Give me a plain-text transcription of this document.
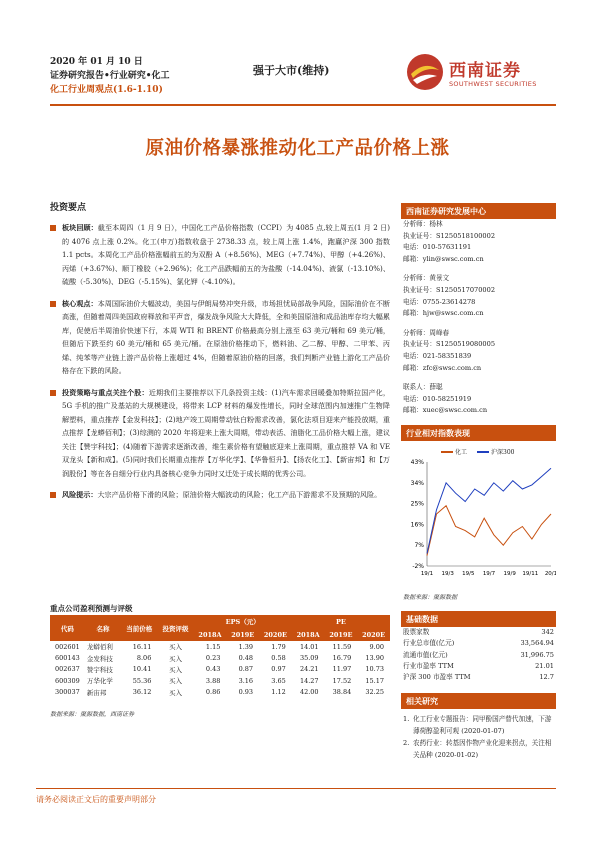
2020 年 01 月 10 日
证券研究报告•行业研究•化工
化工行业周观点(1.6-1.10)
强于大市(维持)	西南证券
SOUTHWEST SECURITIES
原油价格暴涨推动化工产品价格上涨
投资要点
板块回顾：截至本周四（1 月 9 日），中国化工产品价格指数（CCPI）为 4085 点,较上周五(1 月 2 日)的 4076 点上涨 0.2%。化工(申万)指数收盘于 2738.33 点，较上周上涨 1.4%，跑赢沪深 300 指数 1.1 pcts。本周化工产品价格涨幅前五的为双酚 A（+8.56%)、MEG（+7.74%)、甲醇（+4.26%)、丙烯（+3.67%)、顺丁橡胶（+2.96%)；化工产品跌幅前五的为盐酸（-14.04%)、液氯（-13.10%)、硫酸（-5.30%)、DEG（-5.15%)、氯化钾（-4.10%)。
核心观点：本周国际油价大幅波动，美国与伊朗局势冲突升级，市场担忧局部战争风险，国际油价在不断高涨，但随着周四美国政府释放和平声音，爆发战争风险大大降低，全和美国原油和成品油库存均大幅累库，促使后半周油价快速下行，本周 WTI 和 BRENT 价格最高分别上涨至 63 美元/桶和 69 美元/桶，但随后下跌至约 60 美元/桶和 65 美元/桶。在原油价格推动下，燃料油、乙二醇、甲醇、二甲苯、丙烯、纯苯等产业链上游产品价格上涨超过 4%，但随着原油价格的回落，我们判断产业链上游化工产品价格存在下跌的风险。
投资策略与重点关注个股：近期我们主要推荐以下几条投资主线：(1)汽车需求回暖叠加特斯拉国产化，5G 手机的推广及基站的大规模建设，将带来 LCP 材料的爆发性增长，同时全球范围内加速推广生物降解塑料，重点推荐【金发科技】；(2)地产竣工周期带动钛白粉需求改善，氯化法项目迎来产能投放期，重点推荐【龙蟒佰利】；(3)综测的 2020 年将迎来上涨大周期，带动表活、油脂化工品价格大幅上涨，建议关注【赞宇科技】；(4)随着下游需求逐渐改善，维生素价格有望触底迎来上涨周期，重点推荐 VA 和 VE 双龙头【新和成】。(5)同时我们长期重点推荐【万华化学】、【华鲁恒升】、【扬农化工】、【新宙邦】和【万润股份】等在各自细分行业内具备核心竞争力同时又迁处于成长期的优秀公司。
风险提示：大宗产品价格下滑的风险；原油价格大幅波动的风险；化工产品下游需求不及预期的风险。
重点公司盈利预测与评级
代码	名称	当前价格	投资评级	EPS（元）			PE		
				2018A	2019E	2020E	2018A	2019E	2020E
002601	龙蟒佰利	16.11	买入	1.15	1.39	1.79	14.01	11.59	9.00
600143	金发科技	8.06	买入	0.23	0.48	0.58	35.09	16.79	13.90
002637	赞宇科技	10.41	买入	0.43	0.87	0.97	24.21	11.97	10.73
600309	万华化学	55.36	买入	3.88	3.16	3.65	14.27	17.52	15.17
300037	新宙邦	36.12	买入	0.86	0.93	1.12	42.00	38.84	32.25
数据来源：聚源数据，西南证券
西南证券研究发展中心
分析师：杨林
执业证号：S1250518100002
电话：010-57631191
邮箱：ylin@swsc.com.cn
分析师：黄景文
执业证号：S1250517070002
电话：0755-23614278
邮箱：hjw@swsc.com.cn
分析师：周峰春
执业证号：S1250519080005
电话：021-58351839
邮箱：zfc@swsc.com.cn
联系人：薛聪
电话：010-58251919
邮箱：xuec@swsc.com.cn
行业相对指数表现
化工	沪深300
43%
34%
25%
16%
7%
-2%
19/1 19/3 19/5 19/7 19/9 19/11 20/1
数据来源：聚源数据
基础数据
股票家数	342
行业总市值(亿元)	33,564.94
流通市值(亿元)	31,996.75
行业市盈率 TTM	21.01
沪深 300 市盈率 TTM	12.7
相关研究
1. 化工行业专题报告：同甲酚国产替代加速，下游薄荷醇盈利可观 (2020-01-07)
2. 农药行业：转基因作物产业化迎来拐点，关注相关品种 (2020-01-02)
请务必阅读正文后的重要声明部分
